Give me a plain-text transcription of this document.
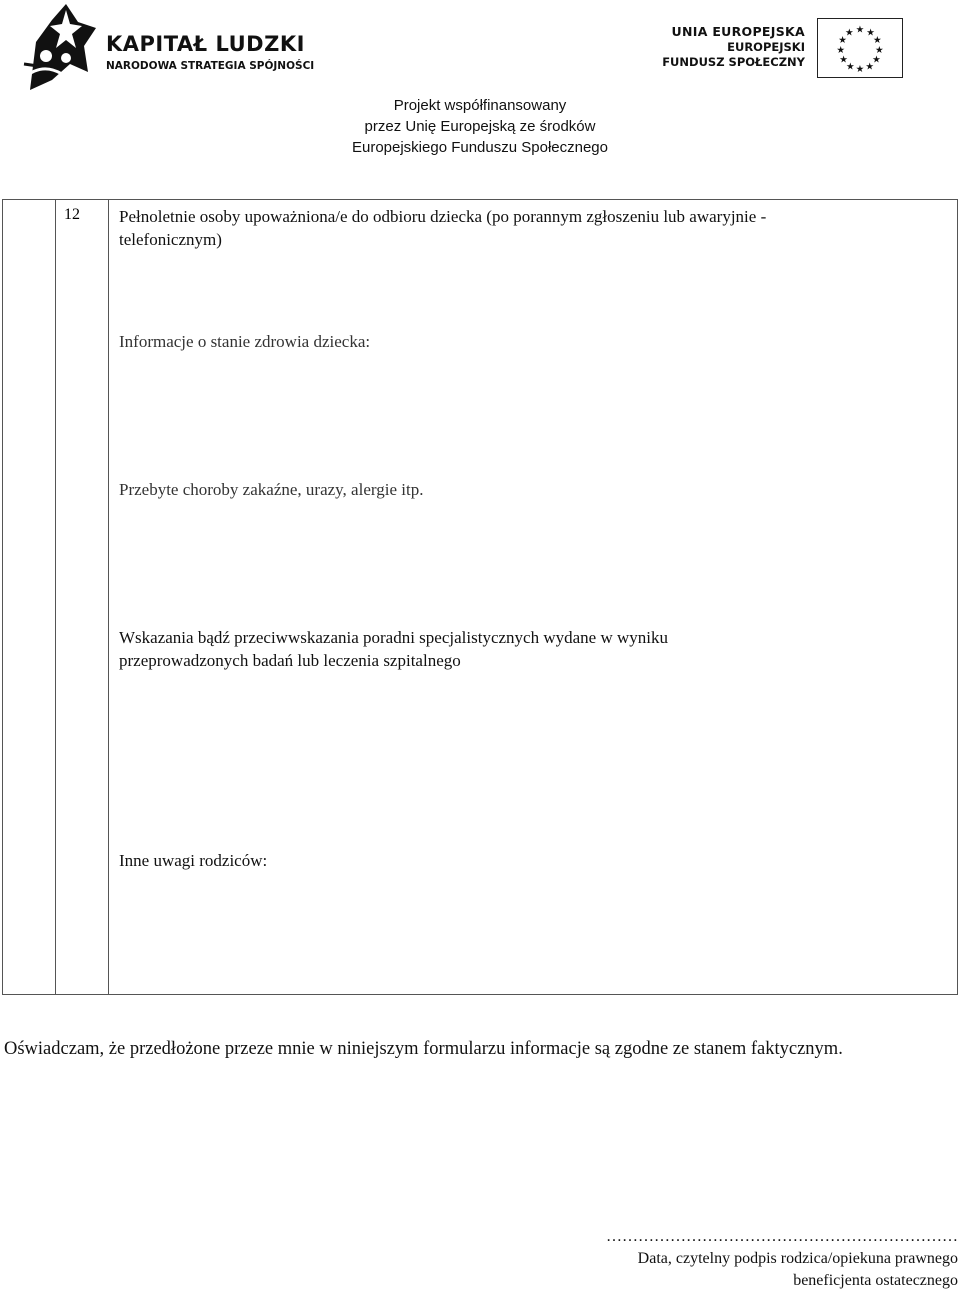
KAPITAŁ LUDZKI
NARODOWA STRATEGIA SPÓJNOŚCI
UNIA EUROPEJSKA
EUROPEJSKI
FUNDUSZ SPOŁECZNY
★ ★
★
★
★
★
★
★
★
★
★
★
Projekt współfinansowany
przez Unię Europejską ze środków
Europejskiego Funduszu Społecznego
12 Pełnoletnie osoby upoważniona/e do odbioru dziecka (po porannym zgłoszeniu lub awaryjnie -
telefonicznym)
Informacje o stanie zdrowia dziecka:
Przebyte choroby zakaźne, urazy, alergie itp.
Wskazania bądź przeciwwskazania poradni specjalistycznych wydane w wyniku
przeprowadzonych badań lub leczenia szpitalnego
Inne uwagi rodziców:
Oświadczam, że przedłożone przeze mnie w niniejszym formularzu informacje są zgodne ze stanem faktycznym.
…………………………………………………………
Data, czytelny podpis rodzica/opiekuna prawnego
beneficjenta ostatecznego
